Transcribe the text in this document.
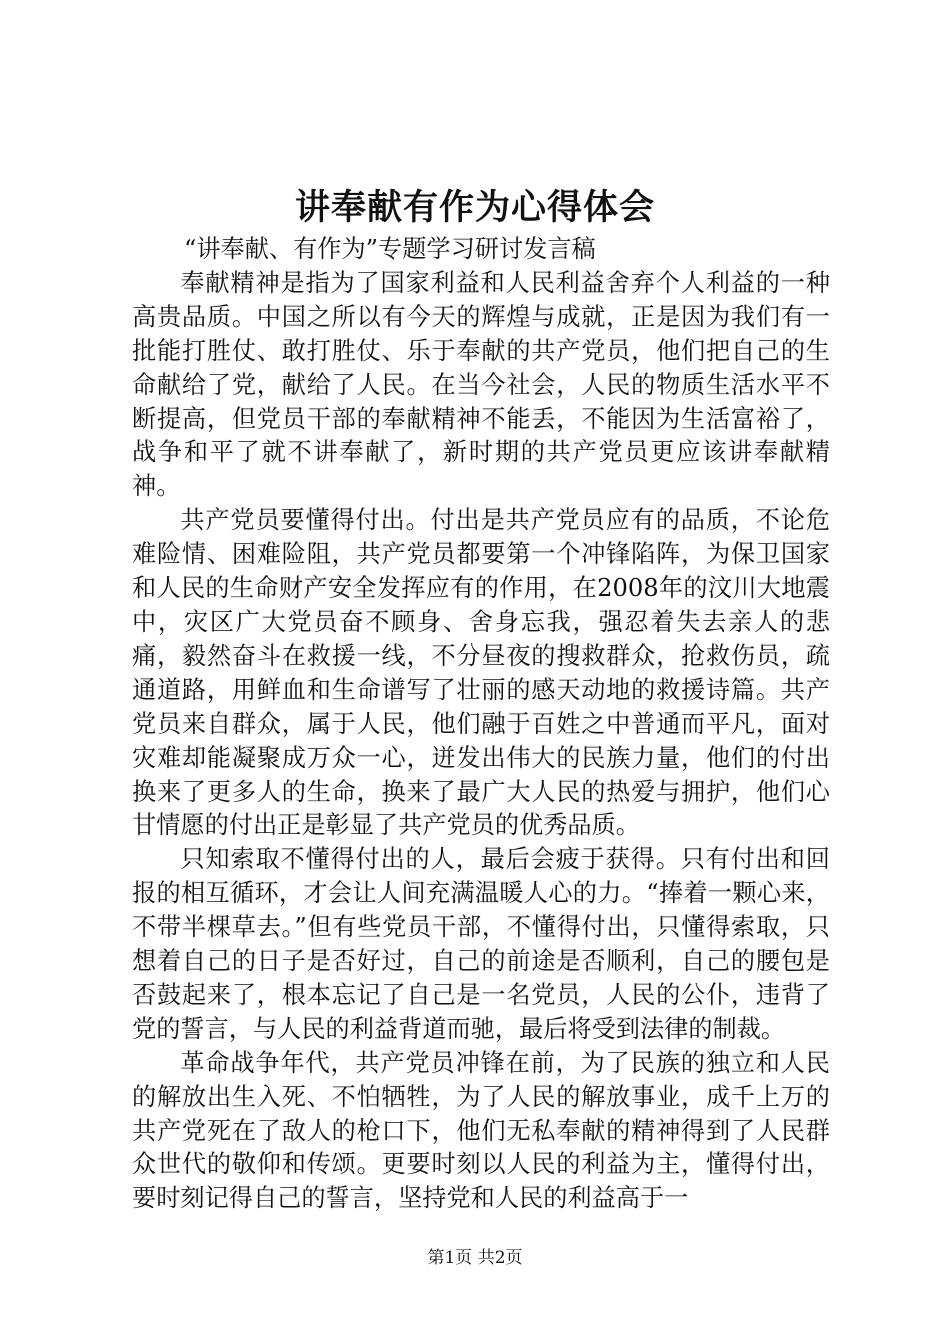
讲奉献有作为心得体会
“讲奉献、有作为”专题学习研讨发言稿

奉献精神是指为了国家利益和人民利益舍弃个人利益的一种高贵品质。中国之所以有今天的辉煌与成就，正是因为我们有一批能打胜仗、敢打胜仗、乐于奉献的共产党员，他们把自己的生命献给了党，献给了人民。在当今社会，人民的物质生活水平不断提高，但党员干部的奉献精神不能丢，不能因为生活富裕了，战争和平了就不讲奉献了，新时期的共产党员更应该讲奉献精神。

共产党员要懂得付出。付出是共产党员应有的品质，不论危难险情、困难险阻，共产党员都要第一个冲锋陷阵，为保卫国家和人民的生命财产安全发挥应有的作用，在2008年的汶川大地震中，灾区广大党员奋不顾身、舍身忘我，强忍着失去亲人的悲痛，毅然奋斗在救援一线，不分昼夜的搜救群众，抢救伤员，疏通道路，用鲜血和生命谱写了壮丽的感天动地的救援诗篇。共产党员来自群众，属于人民，他们融于百姓之中普通而平凡，面对灾难却能凝聚成万众一心，迸发出伟大的民族力量，他们的付出换来了更多人的生命，换来了最广大人民的热爱与拥护，他们心甘情愿的付出正是彰显了共产党员的优秀品质。

只知索取不懂得付出的人，最后会疲于获得。只有付出和回报的相互循环，才会让人间充满温暖人心的力。“捧着一颗心来，不带半棵草去。”但有些党员干部，不懂得付出，只懂得索取，只想着自己的日子是否好过，自己的前途是否顺利，自己的腰包是否鼓起来了，根本忘记了自己是一名党员，人民的公仆，违背了党的誓言，与人民的利益背道而驰，最后将受到法律的制裁。

革命战争年代，共产党员冲锋在前，为了民族的独立和人民的解放出生入死、不怕牺牲，为了人民的解放事业，成千上万的共产党死在了敌人的枪口下，他们无私奉献的精神得到了人民群众世代的敬仰和传颂。更要时刻以人民的利益为主，懂得付出，要时刻记得自己的誓言，坚持党和人民的利益高于一

第1页 共2页
